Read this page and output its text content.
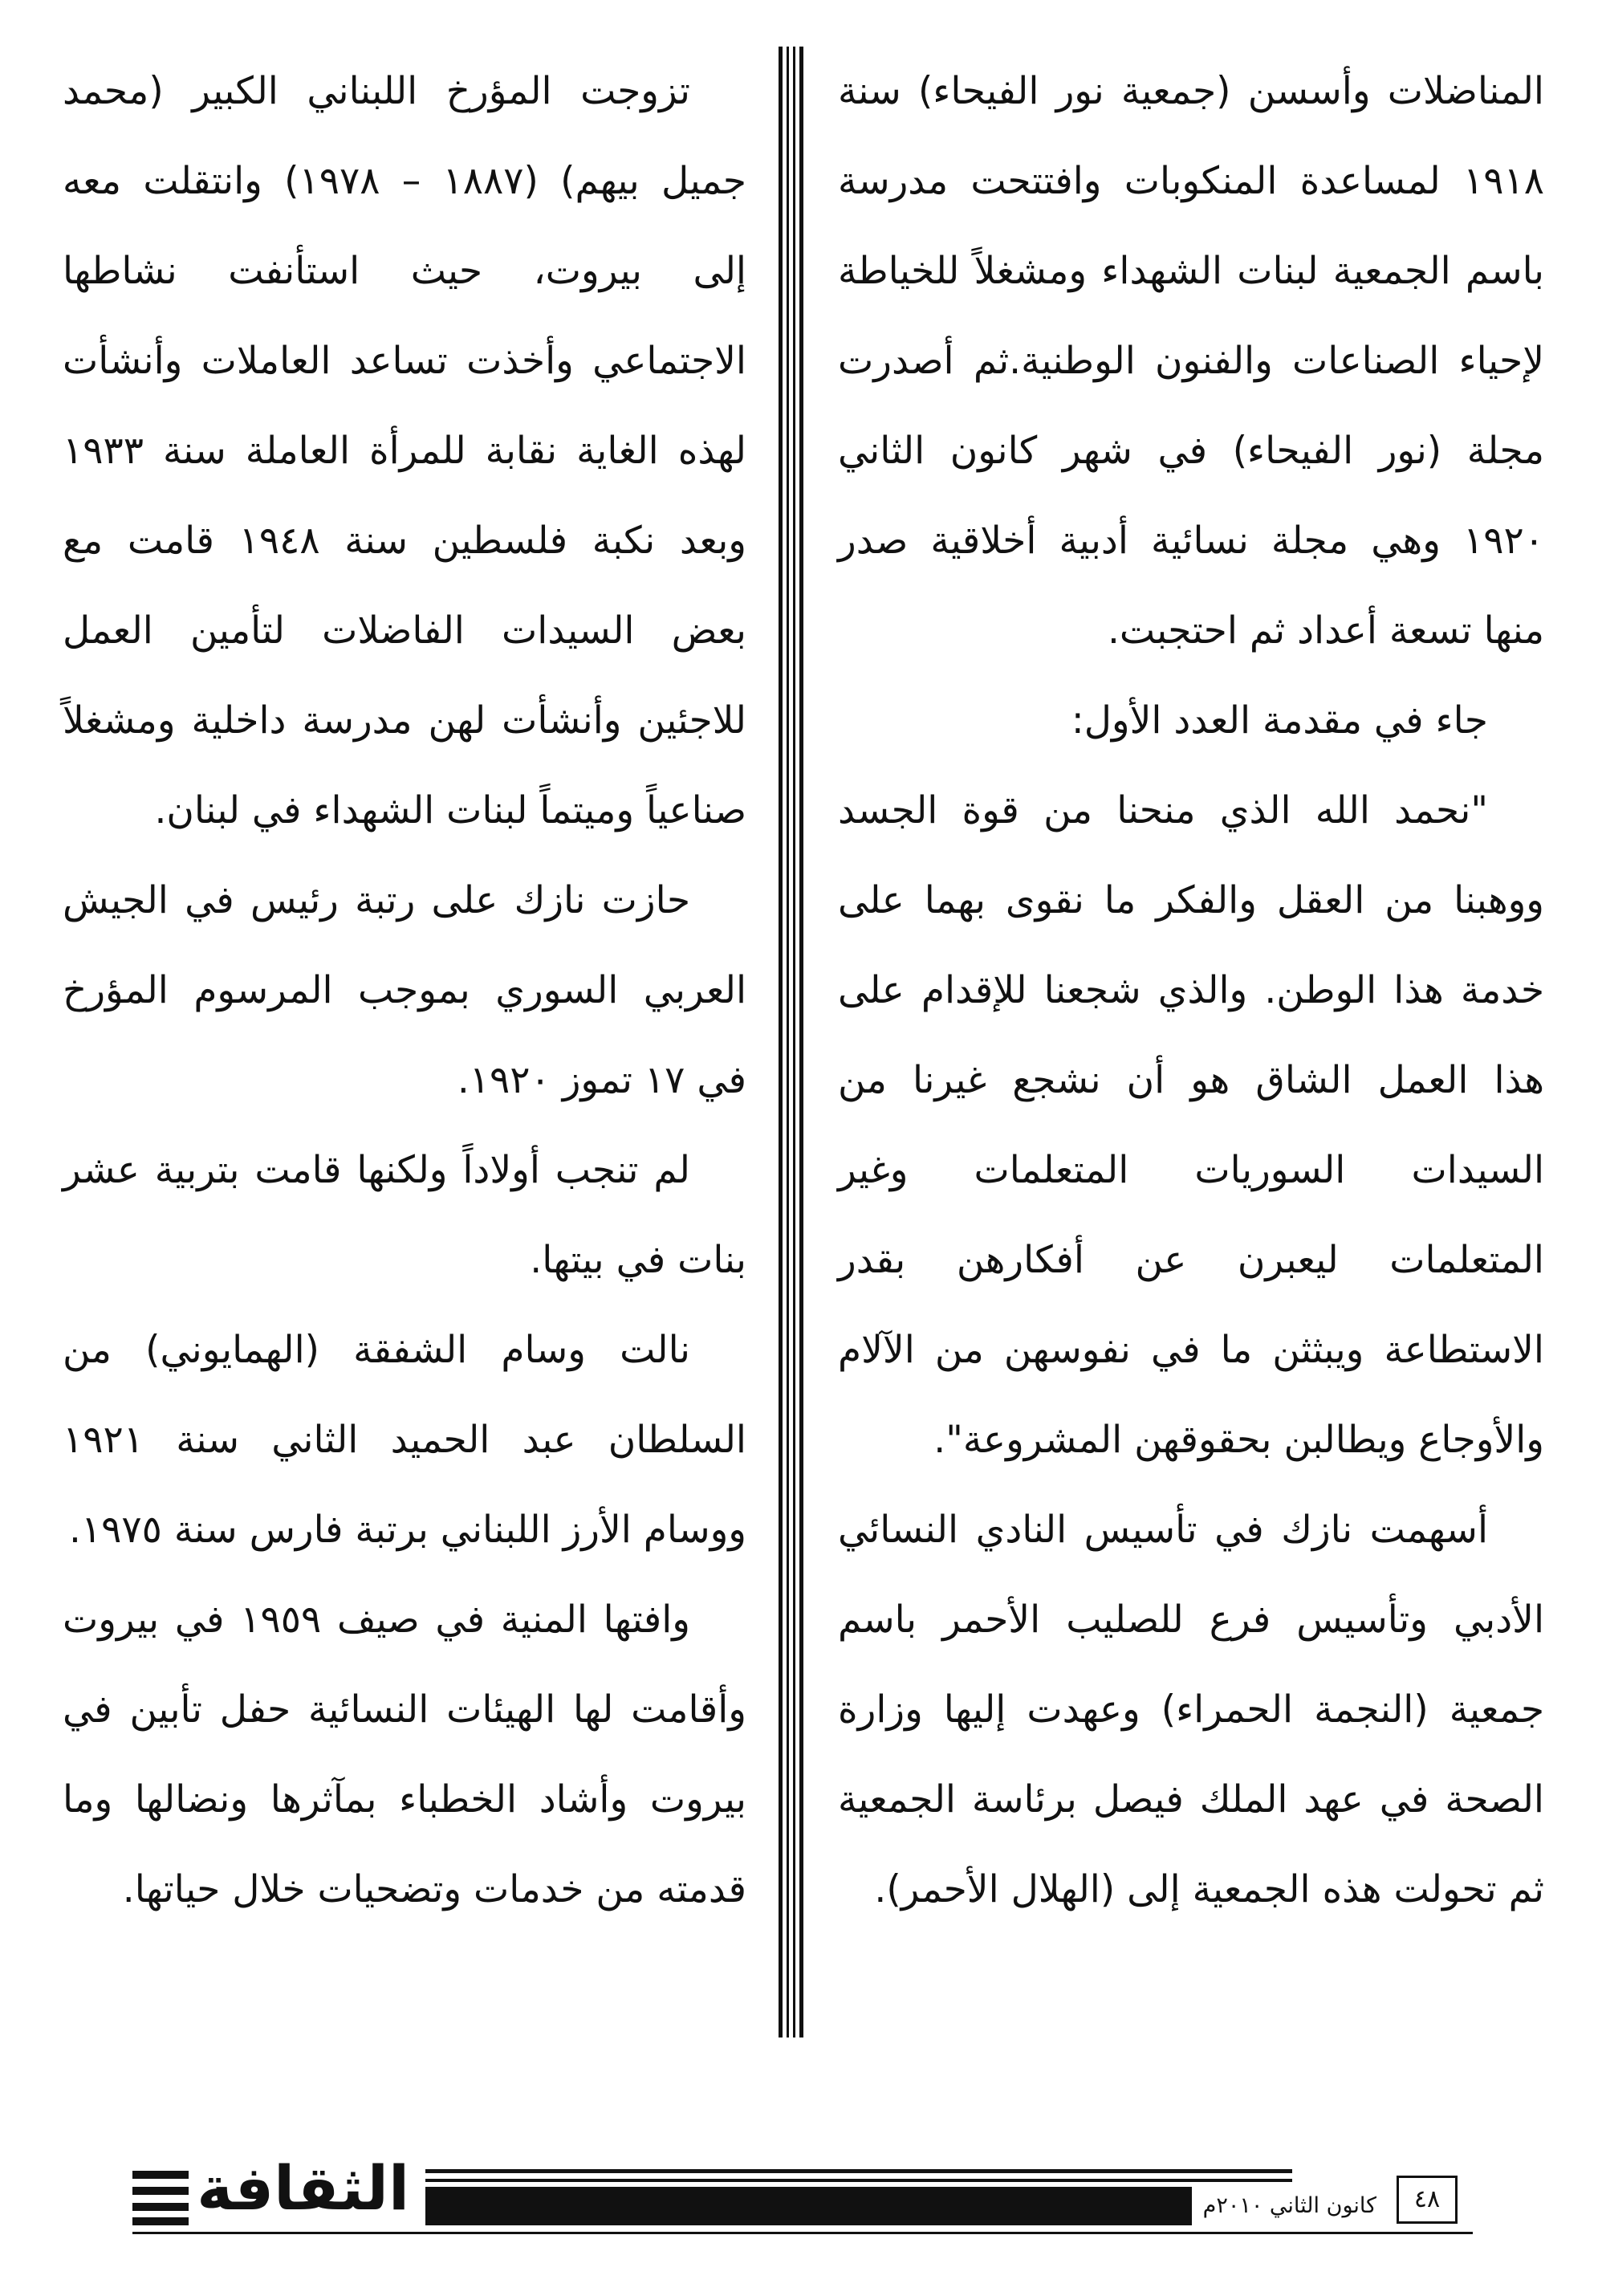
المناضلات وأسسن (جمعية نور الفيحاء) سنة ١٩١٨ لمساعدة المنكوبات وافتتحت مدرسة باسم الجمعية لبنات الشهداء ومشغلاً للخياطة لإحياء الصناعات والفنون الوطنية.ثم أصدرت مجلة (نور الفيحاء) في شهر كانون الثاني ١٩٢٠ وهي مجلة نسائية أدبية أخلاقية صدر منها تسعة أعداد ثم احتجبت.

جاء في مقدمة العدد الأول:

"نحمد الله الذي منحنا من قوة الجسد ووهبنا من العقل والفكر ما نقوى بهما على خدمة هذا الوطن. والذي شجعنا للإقدام على هذا العمل الشاق هو أن نشجع غيرنا من السيدات السوريات المتعلمات وغير المتعلمات ليعبرن عن أفكارهن بقدر الاستطاعة ويبثثن ما في نفوسهن من الآلام والأوجاع ويطالبن بحقوقهن المشروعة".

أسهمت نازك في تأسيس النادي النسائي الأدبي وتأسيس فرع للصليب الأحمر باسم جمعية (النجمة الحمراء) وعهدت إليها وزارة الصحة في عهد الملك فيصل برئاسة الجمعية ثم تحولت هذه الجمعية إلى (الهلال الأحمر).

تزوجت المؤرخ اللبناني الكبير (محمد جميل بيهم) (١٨٨٧ – ١٩٧٨) وانتقلت معه إلى بيروت، حيث استأنفت نشاطها الاجتماعي وأخذت تساعد العاملات وأنشأت لهذه الغاية نقابة للمرأة العاملة سنة ١٩٣٣ وبعد نكبة فلسطين سنة ١٩٤٨ قامت مع بعض السيدات الفاضلات لتأمين العمل للاجئين وأنشأت لهن مدرسة داخلية ومشغلاً صناعياً وميتماً لبنات الشهداء في لبنان.

حازت نازك على رتبة رئيس في الجيش العربي السوري بموجب المرسوم المؤرخ في ١٧ تموز ١٩٢٠.

لم تنجب أولاداً ولكنها قامت بتربية عشر بنات في بيتها.

نالت وسام الشفقة (الهمايوني) من السلطان عبد الحميد الثاني سنة ١٩٢١ ووسام الأرز اللبناني برتبة فارس سنة ١٩٧٥.

وافتها المنية في صيف ١٩٥٩ في بيروت وأقامت لها الهيئات النسائية حفل تأبين في بيروت وأشاد الخطباء بمآثرها ونضالها وما قدمته من خدمات وتضحيات خلال حياتها.

الثقافة	كانون الثاني ٢٠١٠م	٤٨
